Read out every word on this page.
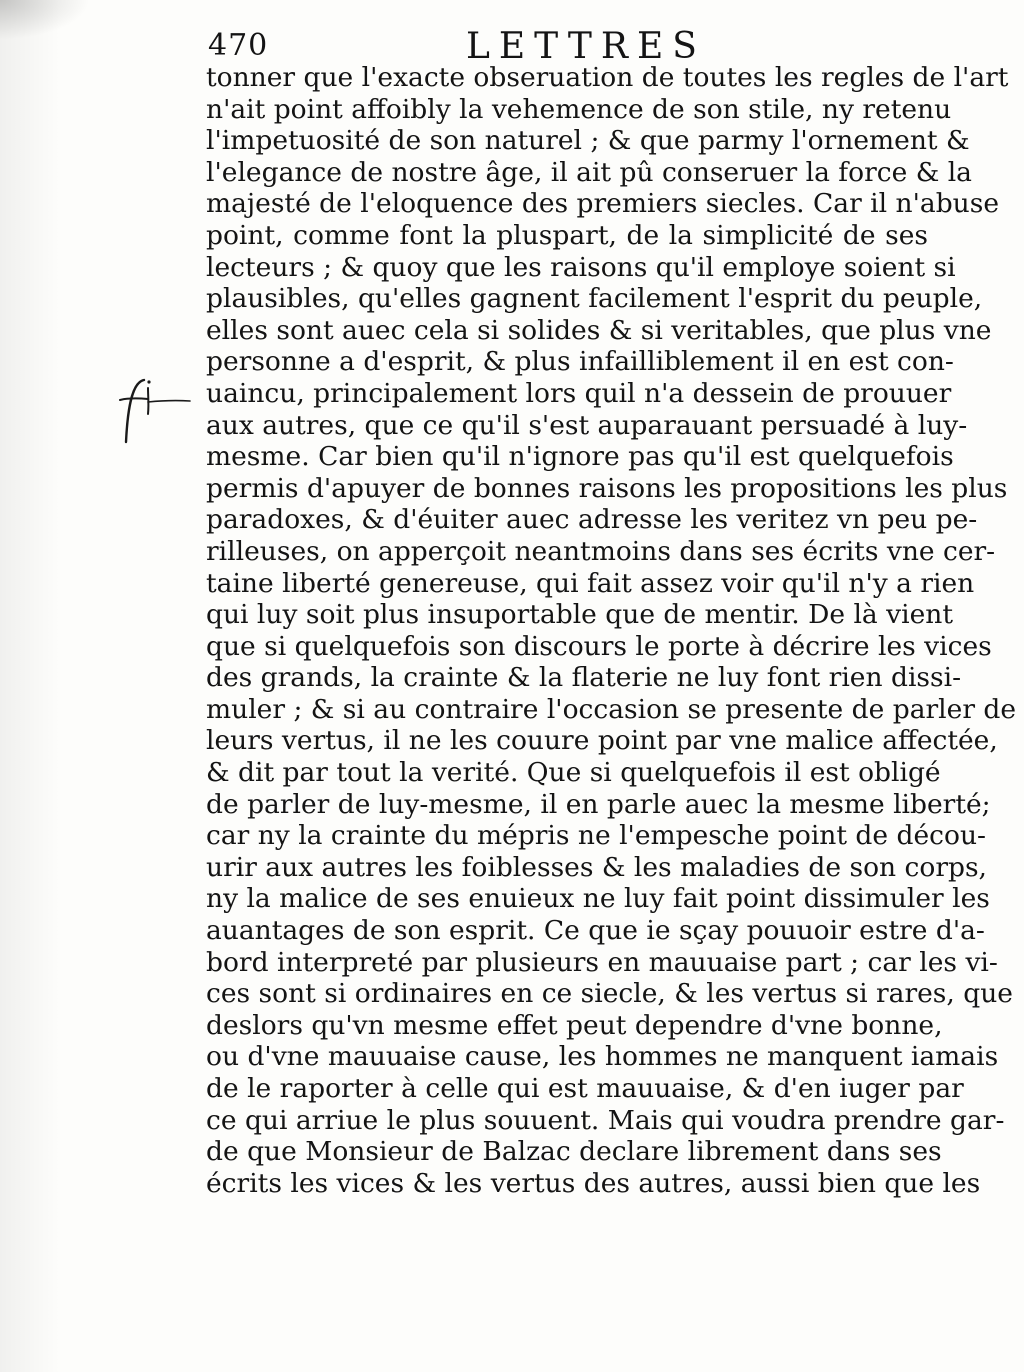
470	LETTRES
tonner que l'exacte obseruation de toutes les regles de l'art
n'ait point affoibly la vehemence de son stile, ny retenu
l'impetuosité de son naturel ; & que parmy l'ornement &
l'elegance de nostre âge, il ait pû conseruer la force & la
majesté de l'eloquence des premiers siecles. Car il n'abuse
point, comme font la pluspart, de la simplicité de ses
lecteurs ; & quoy que les raisons qu'il employe soient si
plausibles, qu'elles gagnent facilement l'esprit du peuple,
elles sont auec cela si solides & si veritables, que plus vne
personne a d'esprit, & plus infailliblement il en est con-
uaincu, principalement lors quil n'a dessein de prouuer
aux autres, que ce qu'il s'est auparauant persuadé à luy-
mesme. Car bien qu'il n'ignore pas qu'il est quelquefois
permis d'apuyer de bonnes raisons les propositions les plus
paradoxes, & d'éuiter auec adresse les veritez vn peu pe-
rilleuses, on apperçoit neantmoins dans ses écrits vne cer-
taine liberté genereuse, qui fait assez voir qu'il n'y a rien
qui luy soit plus insuportable que de mentir. De là vient
que si quelquefois son discours le porte à décrire les vices
des grands, la crainte & la flaterie ne luy font rien dissi-
muler ; & si au contraire l'occasion se presente de parler de
leurs vertus, il ne les couure point par vne malice affectée,
& dit par tout la verité. Que si quelquefois il est obligé
de parler de luy-mesme, il en parle auec la mesme liberté;
car ny la crainte du mépris ne l'empesche point de décou-
urir aux autres les foiblesses & les maladies de son corps,
ny la malice de ses enuieux ne luy fait point dissimuler les
auantages de son esprit. Ce que ie sçay pouuoir estre d'a-
bord interpreté par plusieurs en mauuaise part ; car les vi-
ces sont si ordinaires en ce siecle, & les vertus si rares, que
deslors qu'vn mesme effet peut dependre d'vne bonne,
ou d'vne mauuaise cause, les hommes ne manquent iamais
de le raporter à celle qui est mauuaise, & d'en iuger par
ce qui arriue le plus souuent. Mais qui voudra prendre gar-
de que Monsieur de Balzac declare librement dans ses
écrits les vices & les vertus des autres, aussi bien que les
